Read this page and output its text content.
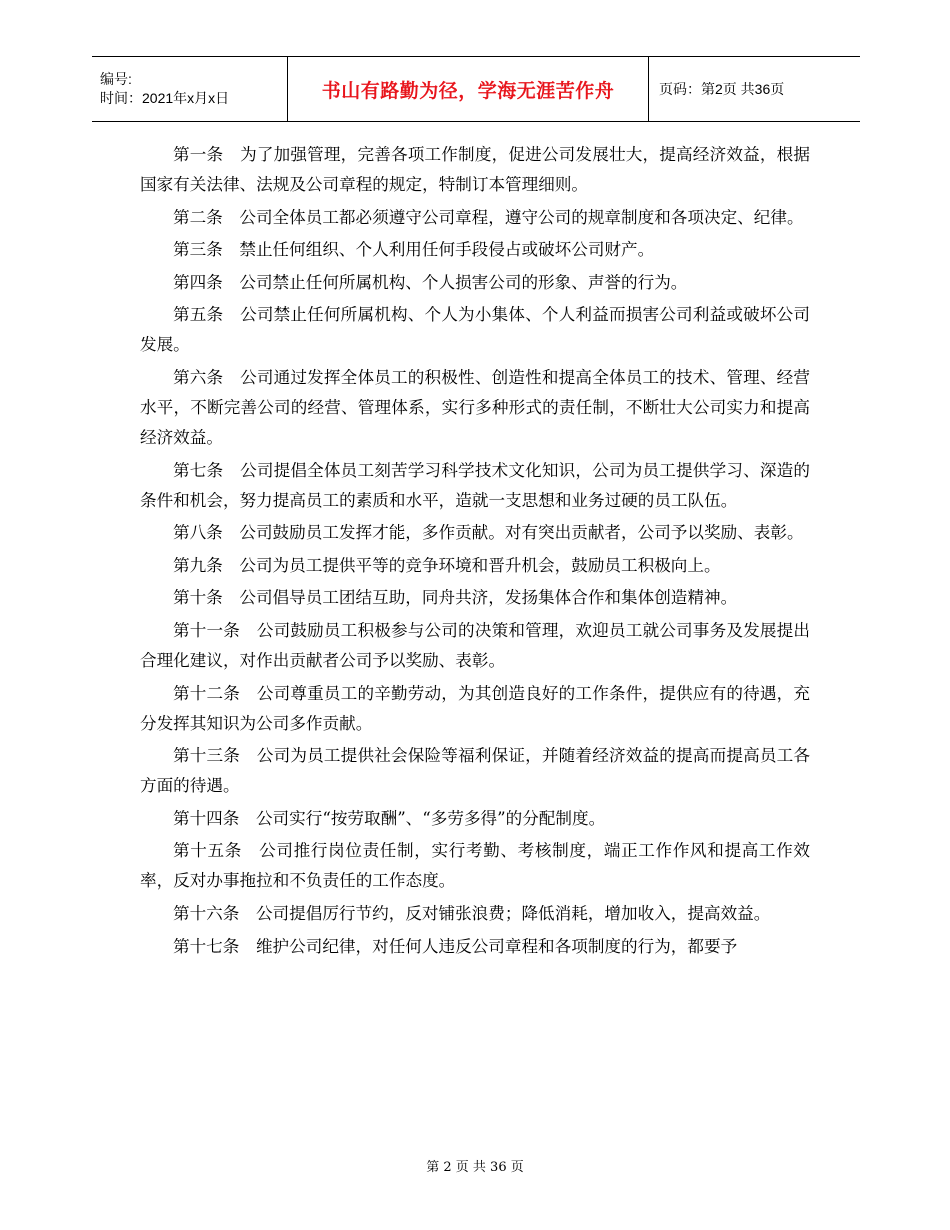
编号:
时间：2021年x月x日	书山有路勤为径，学海无涯苦作舟	页码：第2页 共36页

第一条　为了加强管理，完善各项工作制度，促进公司发展壮大，提高经济效益，根据国家有关法律、法规及公司章程的规定，特制订本管理细则。

第二条　公司全体员工都必须遵守公司章程，遵守公司的规章制度和各项决定、纪律。

第三条　禁止任何组织、个人利用任何手段侵占或破坏公司财产。

第四条　公司禁止任何所属机构、个人损害公司的形象、声誉的行为。

第五条　公司禁止任何所属机构、个人为小集体、个人利益而损害公司利益或破坏公司发展。

第六条　公司通过发挥全体员工的积极性、创造性和提高全体员工的技术、管理、经营水平，不断完善公司的经营、管理体系，实行多种形式的责任制，不断壮大公司实力和提高经济效益。

第七条　公司提倡全体员工刻苦学习科学技术文化知识，公司为员工提供学习、深造的条件和机会，努力提高员工的素质和水平，造就一支思想和业务过硬的员工队伍。

第八条　公司鼓励员工发挥才能，多作贡献。对有突出贡献者，公司予以奖励、表彰。

第九条　公司为员工提供平等的竞争环境和晋升机会，鼓励员工积极向上。

第十条　公司倡导员工团结互助，同舟共济，发扬集体合作和集体创造精神。

第十一条　公司鼓励员工积极参与公司的决策和管理，欢迎员工就公司事务及发展提出合理化建议，对作出贡献者公司予以奖励、表彰。

第十二条　公司尊重员工的辛勤劳动，为其创造良好的工作条件，提供应有的待遇，充分发挥其知识为公司多作贡献。

第十三条　公司为员工提供社会保险等福利保证，并随着经济效益的提高而提高员工各方面的待遇。

第十四条　公司实行“按劳取酬”、“多劳多得”的分配制度。

第十五条　公司推行岗位责任制，实行考勤、考核制度，端正工作作风和提高工作效率，反对办事拖拉和不负责任的工作态度。

第十六条　公司提倡厉行节约，反对铺张浪费；降低消耗，增加收入，提高效益。

第十七条　维护公司纪律，对任何人违反公司章程和各项制度的行为，都要予

第 2 页 共 36 页
